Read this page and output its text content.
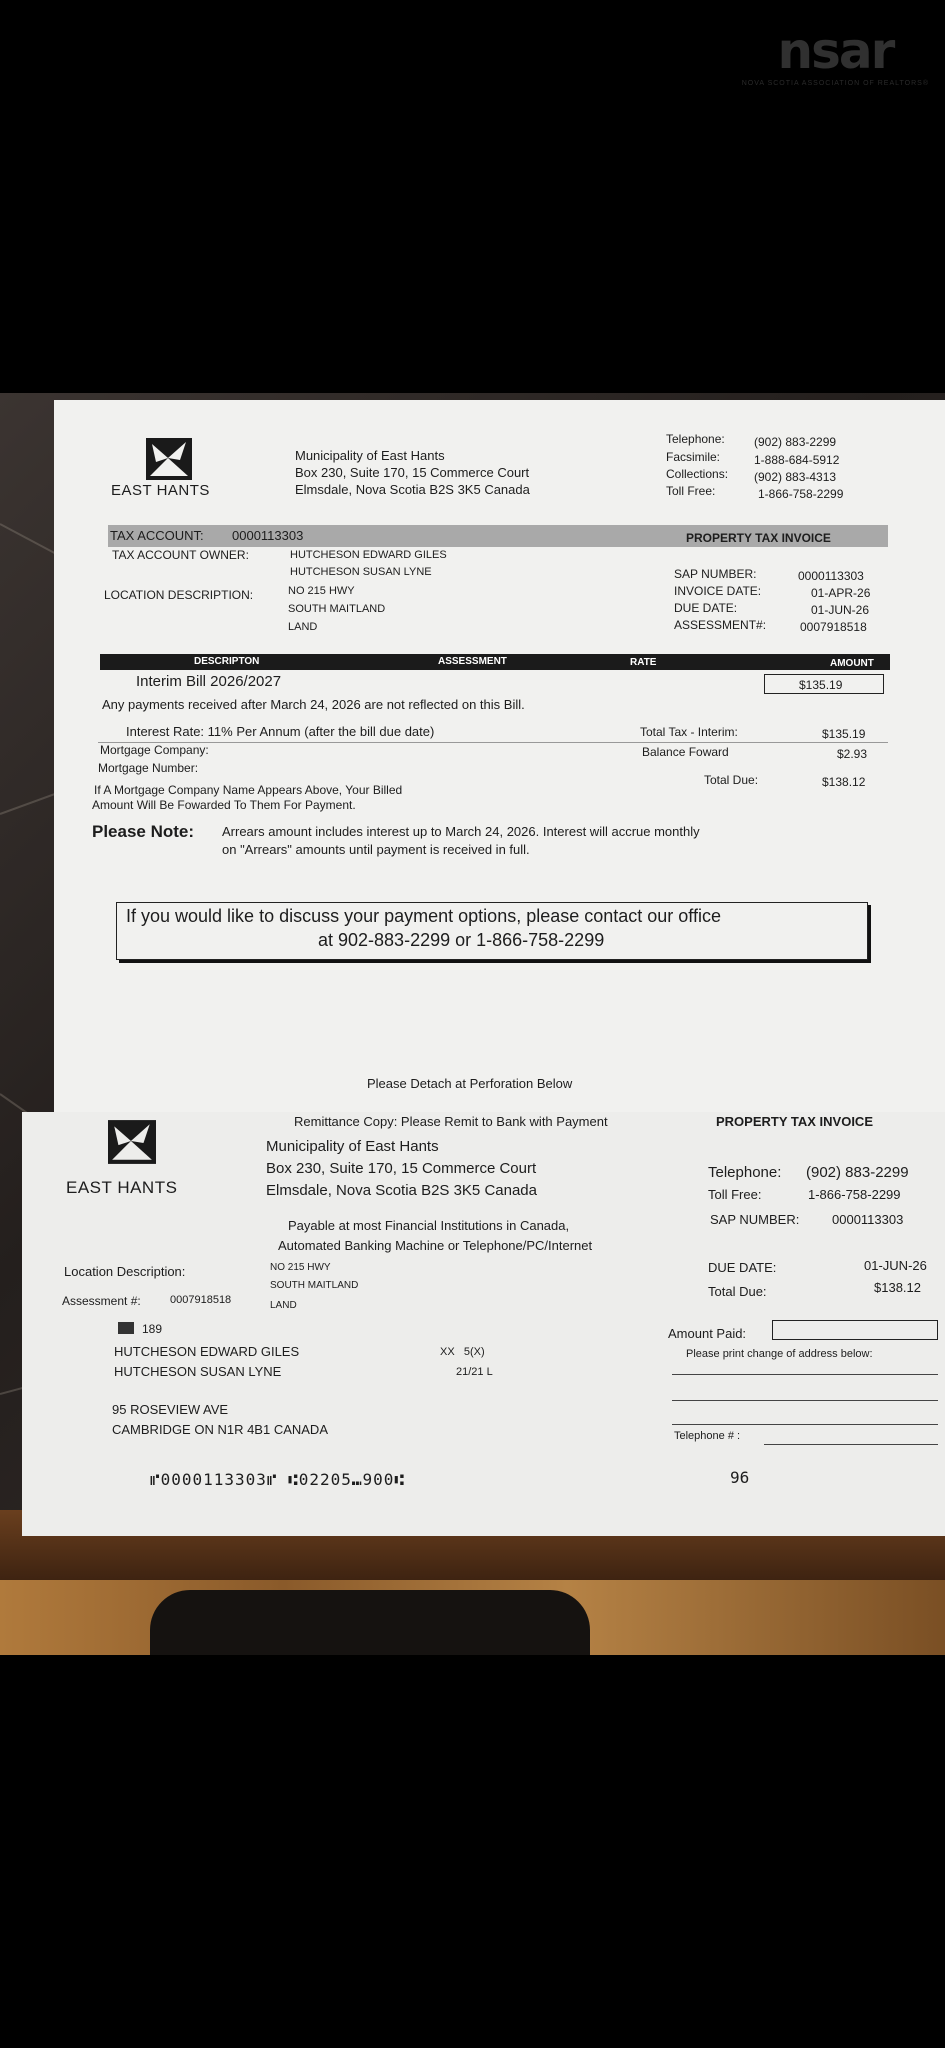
nsar
NOVA SCOTIA ASSOCIATION OF REALTORS®
EAST HANTS
Municipality of East Hants
Box 230, Suite 170, 15 Commerce Court
Elmsdale, Nova Scotia B2S 3K5 Canada
Telephone: (902) 883-2299
Facsimile:	1-888-684-5912
Collections: (902) 883-4313
Toll Free:	1-866-758-2299
TAX ACCOUNT: 0000113303	PROPERTY TAX INVOICE
TAX ACCOUNT OWNER:	HUTCHESON EDWARD GILES
HUTCHESON SUSAN LYNE
LOCATION DESCRIPTION:	NO 215 HWY
SOUTH MAITLAND
LAND
SAP NUMBER:	0000113303
INVOICE DATE:	01-APR-26
DUE DATE:	01-JUN-26
ASSESSMENT#:	0007918518
DESCRIPTON	ASSESSMENT	RATE	AMOUNT
Interim Bill 2026/2027	$135.19
Any payments received after March 24, 2026 are not reflected on this Bill.
Interest Rate: 11% Per Annum (after the bill due date)	Total Tax - Interim:	$135.19
Mortgage Company:	Balance Foward	$2.93
Mortgage Number:
Total Due:	$138.12
If A Mortgage Company Name Appears Above, Your Billed
Amount Will Be Fowarded To Them For Payment.
Please Note: Arrears amount includes interest up to March 24, 2026. Interest will accrue monthly
on "Arrears" amounts until payment is received in full.
If you would like to discuss your payment options, please contact our office
at 902-883-2299 or 1-866-758-2299
Please Detach at Perforation Below
Remittance Copy: Please Remit to Bank with Payment	PROPERTY TAX INVOICE
EAST HANTS
Municipality of East Hants
Box 230, Suite 170, 15 Commerce Court
Elmsdale, Nova Scotia B2S 3K5 Canada
Telephone: (902) 883-2299
Toll Free:	1-866-758-2299
SAP NUMBER:	0000113303
Payable at most Financial Institutions in Canada,
Automated Banking Machine or Telephone/PC/Internet
Location Description:	NO 215 HWY
SOUTH MAITLAND
LAND
Assessment #:	0007918518
DUE DATE:	01-JUN-26
Total Due:	$138.12
Amount Paid:
Please print change of address below:
Telephone # :
189
HUTCHESON EDWARD GILES
HUTCHESON SUSAN LYNE
XX   5(X)
21/21 L
95 ROSEVIEW AVE
CAMBRIDGE ON N1R 4B1 CANADA
⑈0000113303⑈ ⑆02205⑉900⑆	96
